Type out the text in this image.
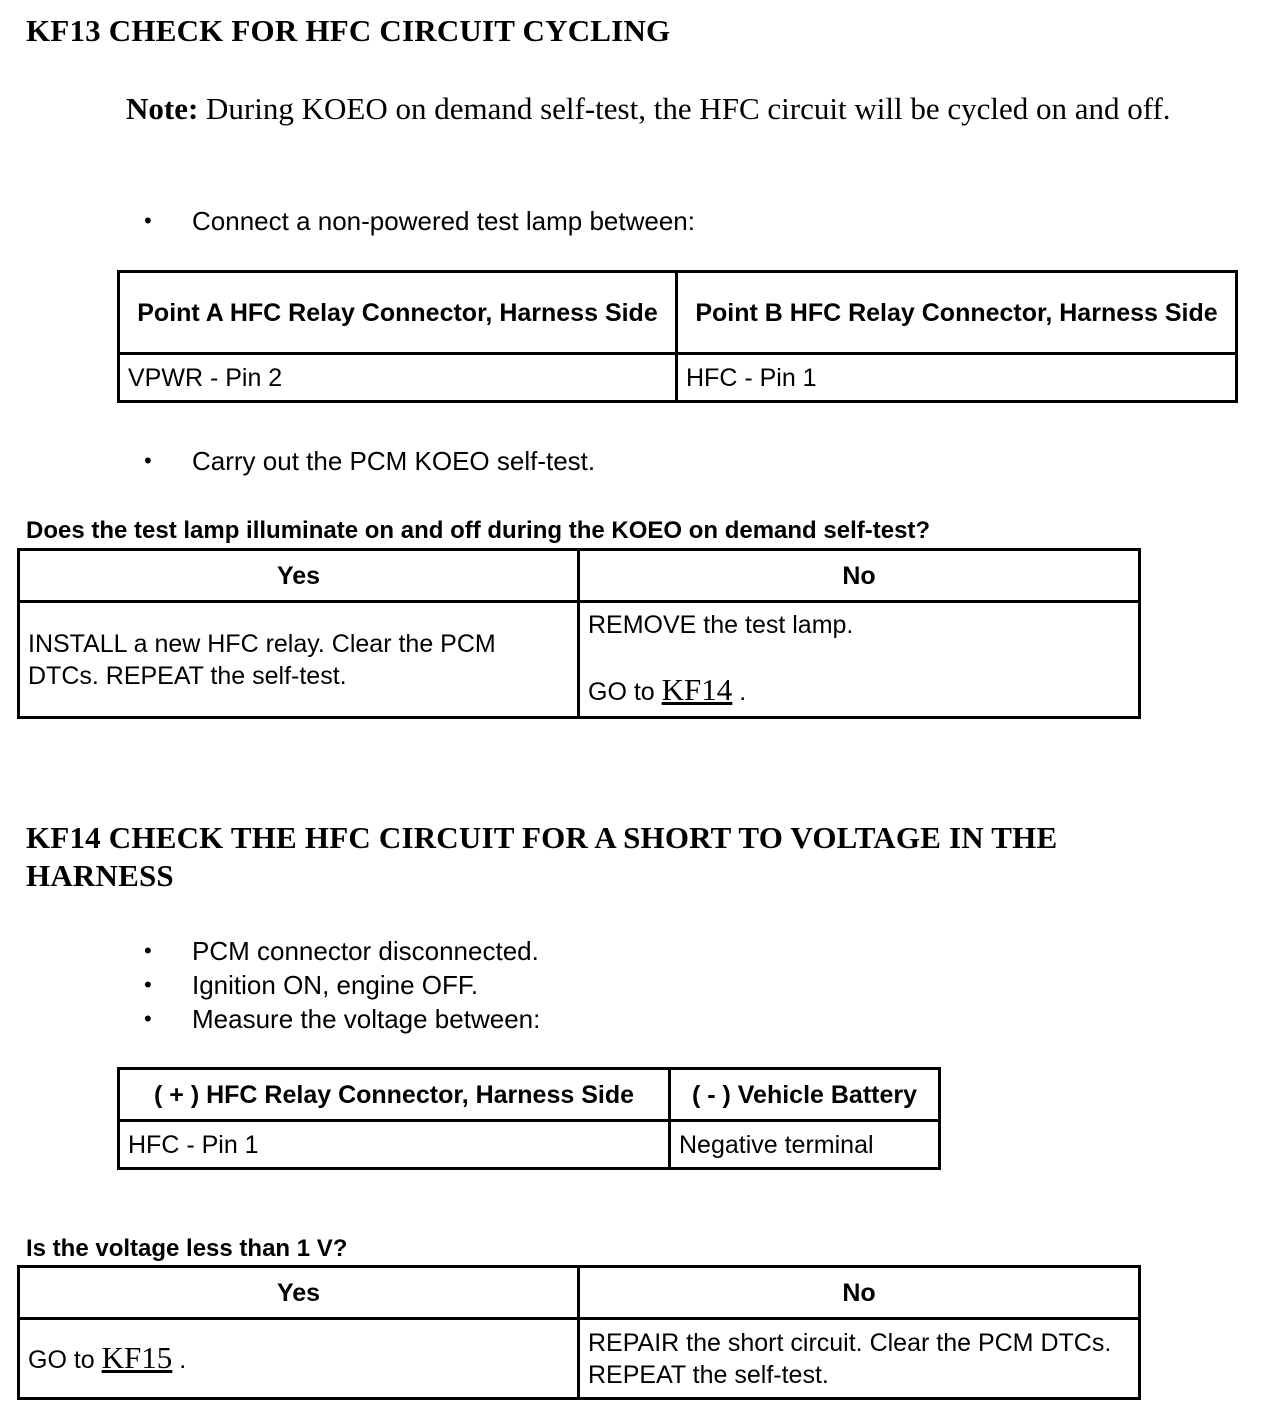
KF13 CHECK FOR HFC CIRCUIT CYCLING
Note: During KOEO on demand self-test, the HFC circuit will be cycled on and off.
•	Connect a non-powered test lamp between:
Point A HFC Relay Connector, Harness Side	Point B HFC Relay Connector, Harness Side
VPWR - Pin 2	HFC - Pin 1
•	Carry out the PCM KOEO self-test.
Does the test lamp illuminate on and off during the KOEO on demand self-test?
Yes	No
INSTALL a new HFC relay. Clear the PCM DTCs. REPEAT the self-test.	REMOVE the test lamp.
GO to KF14 .
KF14 CHECK THE HFC CIRCUIT FOR A SHORT TO VOLTAGE IN THE
HARNESS
•	PCM connector disconnected.
•	Ignition ON, engine OFF.
•	Measure the voltage between:
( + ) HFC Relay Connector, Harness Side	( - ) Vehicle Battery
HFC - Pin 1	Negative terminal
Is the voltage less than 1 V?
Yes	No
GO to KF15 .	REPAIR the short circuit. Clear the PCM DTCs. REPEAT the self-test.
